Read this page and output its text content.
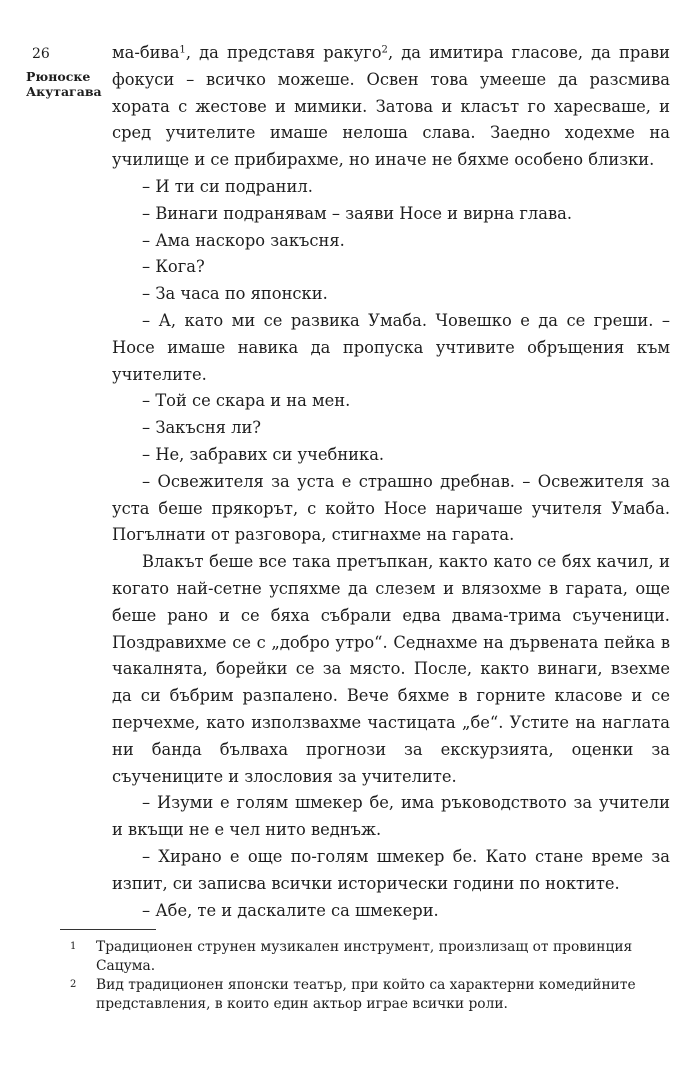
26
Рюноске
Акутагава

ма-бива$^1$, да представя ракуго$^2$, да имитира гласове, да прави фокуси – всичко можеше. Освен това умееше да разсмива хората с жестове и мимики. Затова и класът го харесваше, и сред учителите имаше нелоша слава. Заедно ходехме на училище и се прибирахме, но иначе не бяхме особено близки.

– И ти си подранил.

– Винаги подранявам – заяви Носе и вирна глава.

– Ама наскоро закъсня.

– Кога?

– За часа по японски.

– А, като ми се развика Умаба. Човешко е да се греши. – Носе имаше навика да пропуска учтивите обръщения към учителите.

– Той се скара и на мен.

– Закъсня ли?

– Не, забравих си учебника.

– Освежителя за уста е страшно дребнав. – Освежителя за уста беше прякорът, с който Носе наричаше учителя Умаба. Погълнати от разговора, стигнахме на гарата.

Влакът беше все така претъпкан, както като се бях качил, и когато най-сетне успяхме да слезем и влязохме в гарата, още беше рано и се бяха събрали едва двама-трима съученици. Поздравихме се с „добро утро“. Седнахме на дървената пейка в чакалнята, борейки се за място. После, както винаги, взехме да си бъбрим разпалено. Вече бяхме в горните класове и се перчехме, като използвахме частицата „бе“. Устите на наглата ни банда бълваха прогнози за екскурзията, оценки за съучениците и злословия за учителите.

– Изуми е голям шмекер бе, има ръководството за учители и вкъщи не е чел нито веднъж.

– Хирано е още по-голям шмекер бе. Като стане време за изпит, си записва всички исторически години по ноктите.

– Абе, те и даскалите са шмекери.

1 Традиционен струнен музикален инструмент, произлизащ от провинция Сацума.
2 Вид традиционен японски театър, при който са характерни комедийните представления, в които един актьор играе всички роли.
